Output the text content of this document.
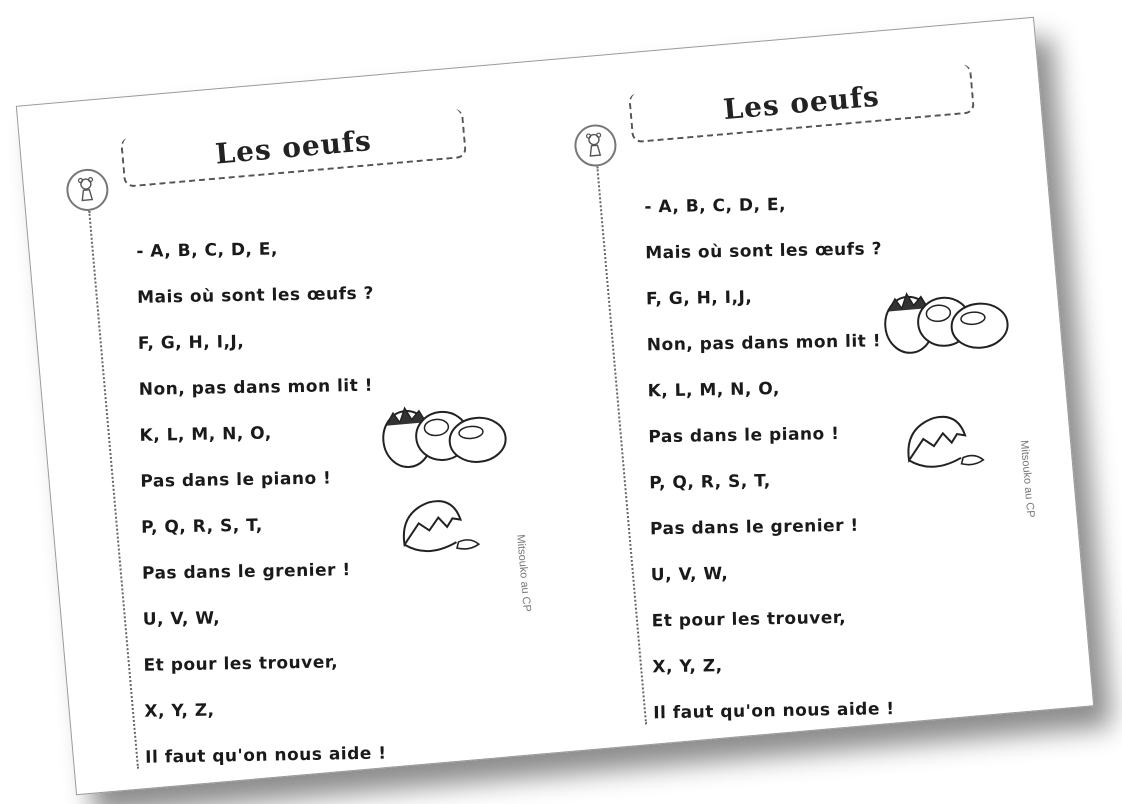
Les oeufs
- A, B, C, D, E,
Mais où sont les œufs ?
F, G, H, I,J,
Non, pas dans mon lit !
K, L, M, N, O,
Pas dans le piano !
P, Q, R, S, T,
Pas dans le grenier !
U, V, W,
Et pour les trouver,
X, Y, Z,
Il faut qu'on nous aide !
Mitsouko au CP
Les oeufs
- A, B, C, D, E,
Mais où sont les œufs ?
F, G, H, I,J,
Non, pas dans mon lit !
K, L, M, N, O,
Pas dans le piano !
P, Q, R, S, T,
Pas dans le grenier !
U, V, W,
Et pour les trouver,
X, Y, Z,
Il faut qu'on nous aide !
Mitsouko au CP
